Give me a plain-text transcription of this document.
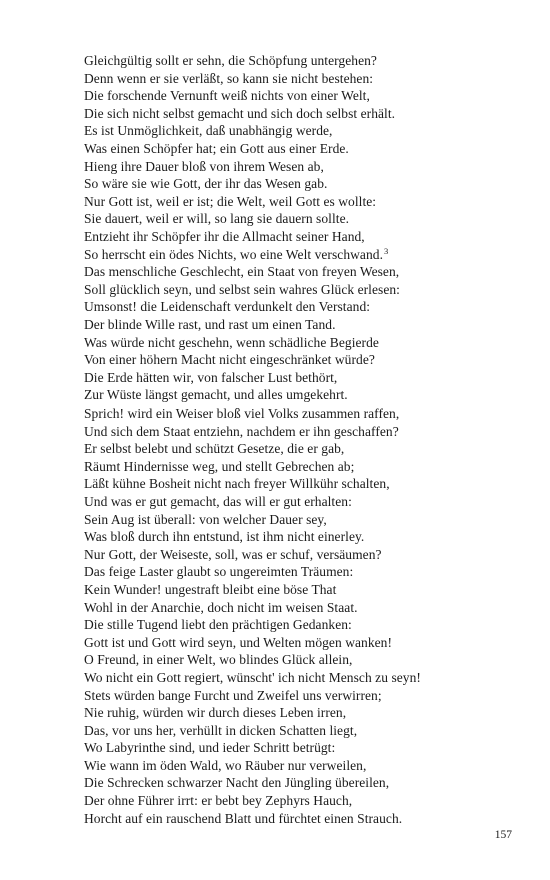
Gleichgültig sollt er sehn, die Schöpfung untergehen?
Denn wenn er sie verläßt, so kann sie nicht bestehen:
Die forschende Vernunft weiß nichts von einer Welt,
Die sich nicht selbst gemacht und sich doch selbst erhält.
Es ist Unmöglichkeit, daß unabhängig werde,
Was einen Schöpfer hat; ein Gott aus einer Erde.
Hieng ihre Dauer bloß von ihrem Wesen ab,
So wäre sie wie Gott, der ihr das Wesen gab.
Nur Gott ist, weil er ist; die Welt, weil Gott es wollte:
Sie dauert, weil er will, so lang sie dauern sollte.
Entzieht ihr Schöpfer ihr die Allmacht seiner Hand,
So herrscht ein ödes Nichts, wo eine Welt verschwand.$^3$
Das menschliche Geschlecht, ein Staat von freyen Wesen,
Soll glücklich seyn, und selbst sein wahres Glück erlesen:
Umsonst! die Leidenschaft verdunkelt den Verstand:
Der blinde Wille rast, und rast um einen Tand.
Was würde nicht geschehn, wenn schädliche Begierde
Von einer höhern Macht nicht eingeschränket würde?
Die Erde hätten wir, von falscher Lust bethört,
Zur Wüste längst gemacht, und alles umgekehrt.
Sprich! wird ein Weiser bloß viel Volks zusammen raffen,
Und sich dem Staat entziehn, nachdem er ihn geschaffen?
Er selbst belebt und schützt Gesetze, die er gab,
Räumt Hindernisse weg, und stellt Gebrechen ab;
Läßt kühne Bosheit nicht nach freyer Willkühr schalten,
Und was er gut gemacht, das will er gut erhalten:
Sein Aug ist überall: von welcher Dauer sey,
Was bloß durch ihn entstund, ist ihm nicht einerley.
Nur Gott, der Weiseste, soll, was er schuf, versäumen?
Das feige Laster glaubt so ungereimten Träumen:
Kein Wunder! ungestraft bleibt eine böse That
Wohl in der Anarchie, doch nicht im weisen Staat.
Die stille Tugend liebt den prächtigen Gedanken:
Gott ist und Gott wird seyn, und Welten mögen wanken!
O Freund, in einer Welt, wo blindes Glück allein,
Wo nicht ein Gott regiert, wünscht' ich nicht Mensch zu seyn!
Stets würden bange Furcht und Zweifel uns verwirren;
Nie ruhig, würden wir durch dieses Leben irren,
Das, vor uns her, verhüllt in dicken Schatten liegt,
Wo Labyrinthe sind, und ieder Schritt betrügt:
Wie wann im öden Wald, wo Räuber nur verweilen,
Die Schrecken schwarzer Nacht den Jüngling übereilen,
Der ohne Führer irrt: er bebt bey Zephyrs Hauch,
Horcht auf ein rauschend Blatt und fürchtet einen Strauch.
157
